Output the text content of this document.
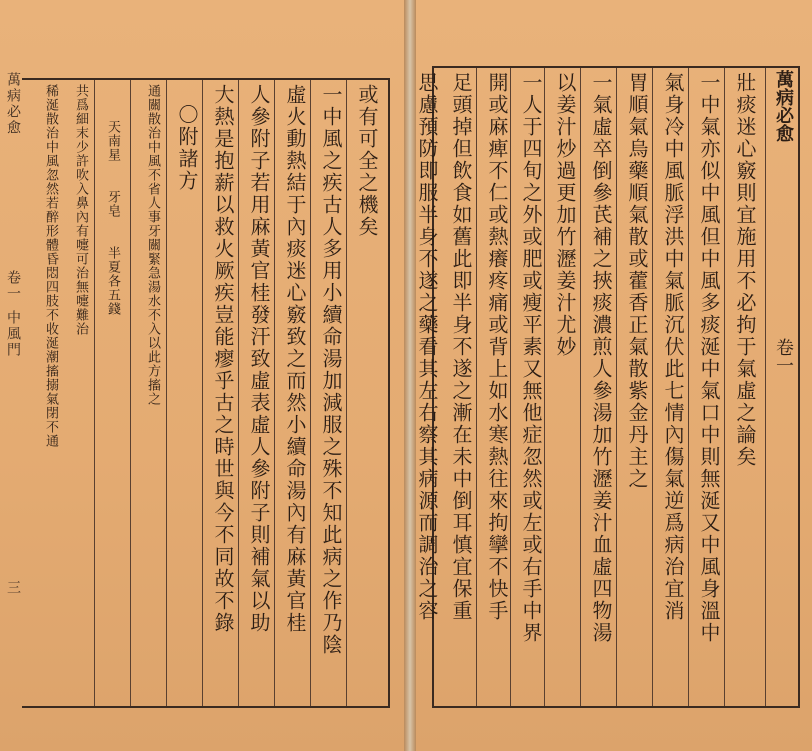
萬病必愈
卷一
壯痰迷心竅則宜施用不必拘于氣虛之論矣
一中氣亦似中風但中風多痰涎中氣口中則無涎又中風身溫中
氣身冷中風脈浮洪中氣脈沉伏此七情內傷氣逆爲病治宜消
胃順氣烏藥順氣散或藿香正氣散紫金丹主之
一氣虛卒倒參芪補之挾痰濃煎人參湯加竹瀝姜汁血虛四物湯
以姜汁炒過更加竹瀝姜汁尤妙
一人于四旬之外或肥或瘦平素又無他症忽然或左或右手中界
開或麻痺不仁或熱癢疼痛或背上如水寒熱往來拘攣不快手
足頭掉但飲食如舊此即半身不遂之漸在未中倒耳慎宜保重
思慮預防即服半身不遂之藥看其左右察其病源而調治之容
或有可全之機矣
一中風之疾古人多用小續命湯加減服之殊不知此病之作乃陰
虛火動熱結于內痰迷心竅致之而然小續命湯內有麻黃官桂
人參附子若用麻黃官桂發汗致虛表虛人參附子則補氣以助
大熱是抱薪以救火厥疾豈能瘳乎古之時世與今不同故不錄
〇附諸方
通關散治中風不省人事牙關緊急湯水不入以此方搐之
天南星　　牙皂　　半夏各五錢
共爲細末少許吹入鼻內有嚏可治無嚏難治
稀涎散治中風忽然若醉形體昏悶四肢不收涎潮搐搦氣閉不通
萬病必愈
卷一
中風門
三
